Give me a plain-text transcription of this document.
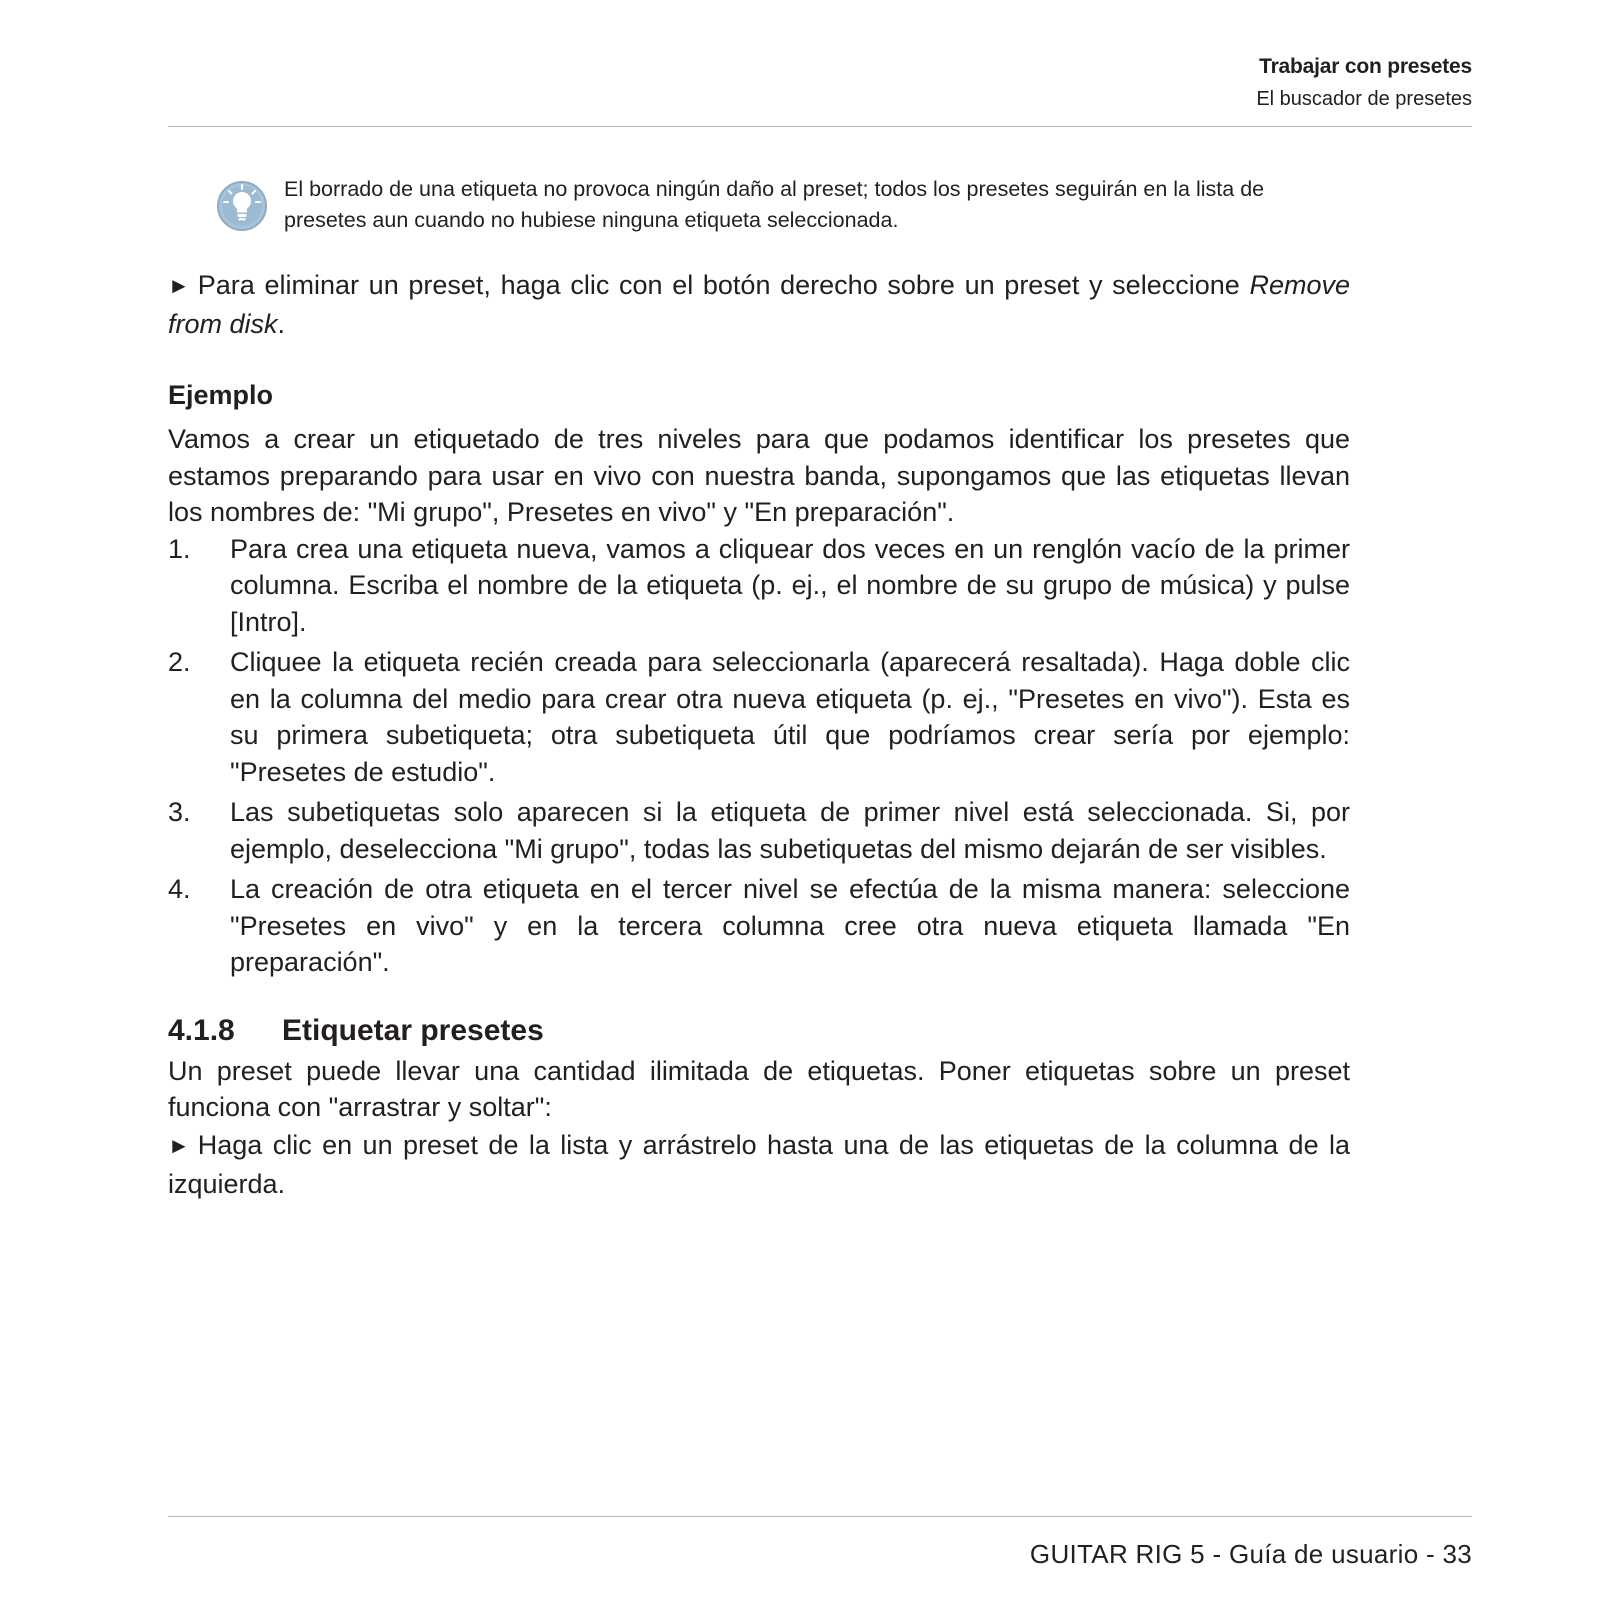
Trabajar con presetes
El buscador de presetes
El borrado de una etiqueta no provoca ningún daño al preset; todos los presetes seguirán en la lista de presetes aun cuando no hubiese ninguna etiqueta seleccionada.

► Para eliminar un preset, haga clic con el botón derecho sobre un preset y seleccione Remove from disk.

Ejemplo

Vamos a crear un etiquetado de tres niveles para que podamos identificar los presetes que estamos preparando para usar en vivo con nuestra banda, supongamos que las etiquetas llevan los nombres de: "Mi grupo", Presetes en vivo" y "En preparación".

1. Para crea una etiqueta nueva, vamos a cliquear dos veces en un renglón vacío de la primer columna. Escriba el nombre de la etiqueta (p. ej., el nombre de su grupo de música) y pulse [Intro].
2. Cliquee la etiqueta recién creada para seleccionarla (aparecerá resaltada). Haga doble clic en la columna del medio para crear otra nueva etiqueta (p. ej., "Presetes en vivo"). Esta es su primera subetiqueta; otra subetiqueta útil que podríamos crear sería por ejemplo: "Presetes de estudio".
3. Las subetiquetas solo aparecen si la etiqueta de primer nivel está seleccionada. Si, por ejemplo, deselecciona "Mi grupo", todas las subetiquetas del mismo dejarán de ser visibles.
4. La creación de otra etiqueta en el tercer nivel se efectúa de la misma manera: seleccione "Presetes en vivo" y en la tercera columna cree otra nueva etiqueta llamada "En preparación".
4.1.8 Etiquetar presetes

Un preset puede llevar una cantidad ilimitada de etiquetas. Poner etiquetas sobre un preset funciona con "arrastrar y soltar":

► Haga clic en un preset de la lista y arrástrelo hasta una de las etiquetas de la columna de la izquierda.

GUITAR RIG 5 - Guía de usuario - 33
